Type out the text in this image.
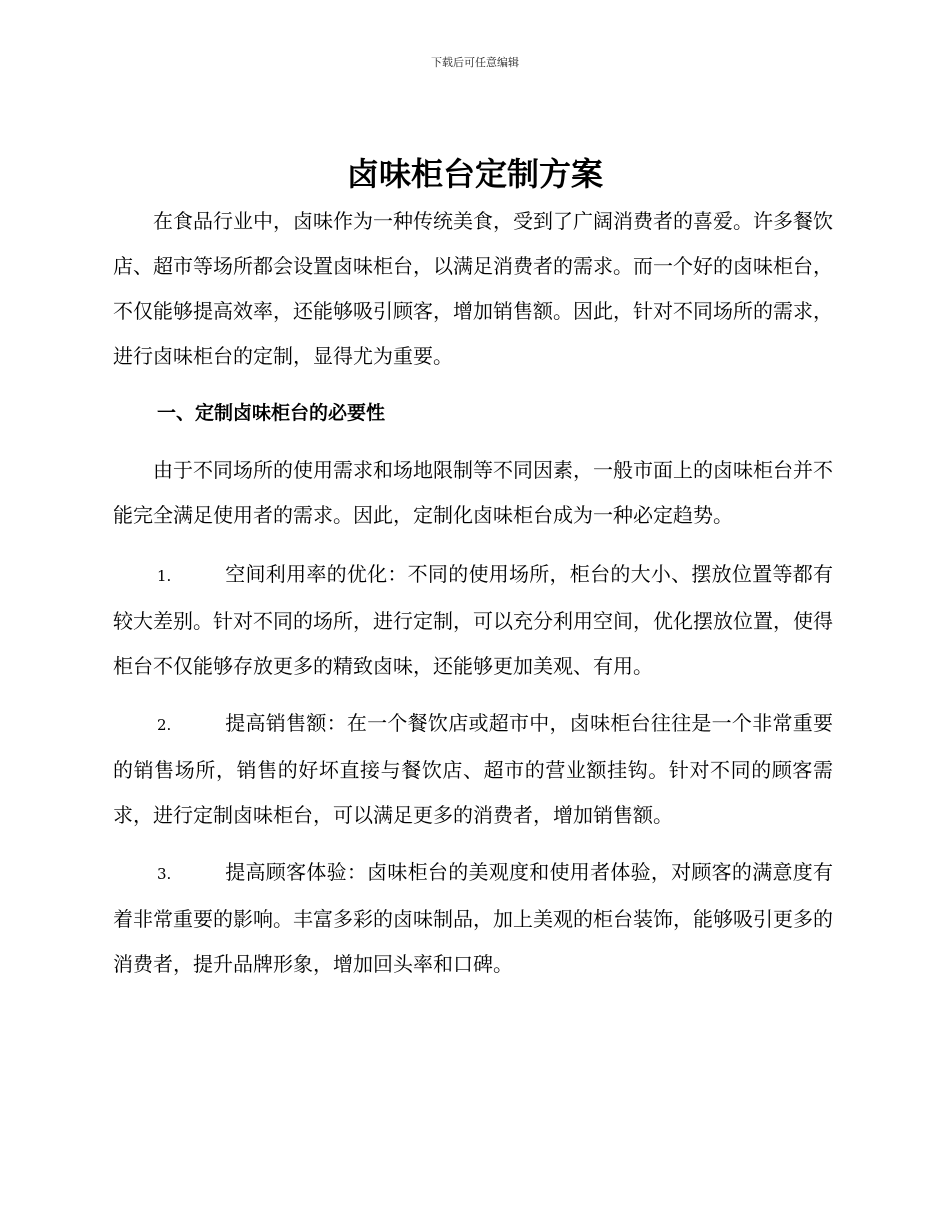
下载后可任意编辑
卤味柜台定制方案

在食品行业中，卤味作为一种传统美食，受到了广阔消费者的喜爱。许多餐饮店、超市等场所都会设置卤味柜台，以满足消费者的需求。而一个好的卤味柜台，不仅能够提高效率，还能够吸引顾客，增加销售额。因此，针对不同场所的需求，进行卤味柜台的定制，显得尤为重要。

一、定制卤味柜台的必要性

由于不同场所的使用需求和场地限制等不同因素，一般市面上的卤味柜台并不能完全满足使用者的需求。因此，定制化卤味柜台成为一种必定趋势。

1.	空间利用率的优化：不同的使用场所，柜台的大小、摆放位置等都有较大差别。针对不同的场所，进行定制，可以充分利用空间，优化摆放位置，使得柜台不仅能够存放更多的精致卤味，还能够更加美观、有用。

2.	提高销售额：在一个餐饮店或超市中，卤味柜台往往是一个非常重要的销售场所，销售的好坏直接与餐饮店、超市的营业额挂钩。针对不同的顾客需求，进行定制卤味柜台，可以满足更多的消费者，增加销售额。

3.	提高顾客体验：卤味柜台的美观度和使用者体验，对顾客的满意度有着非常重要的影响。丰富多彩的卤味制品，加上美观的柜台装饰，能够吸引更多的消费者，提升品牌形象，增加回头率和口碑。
